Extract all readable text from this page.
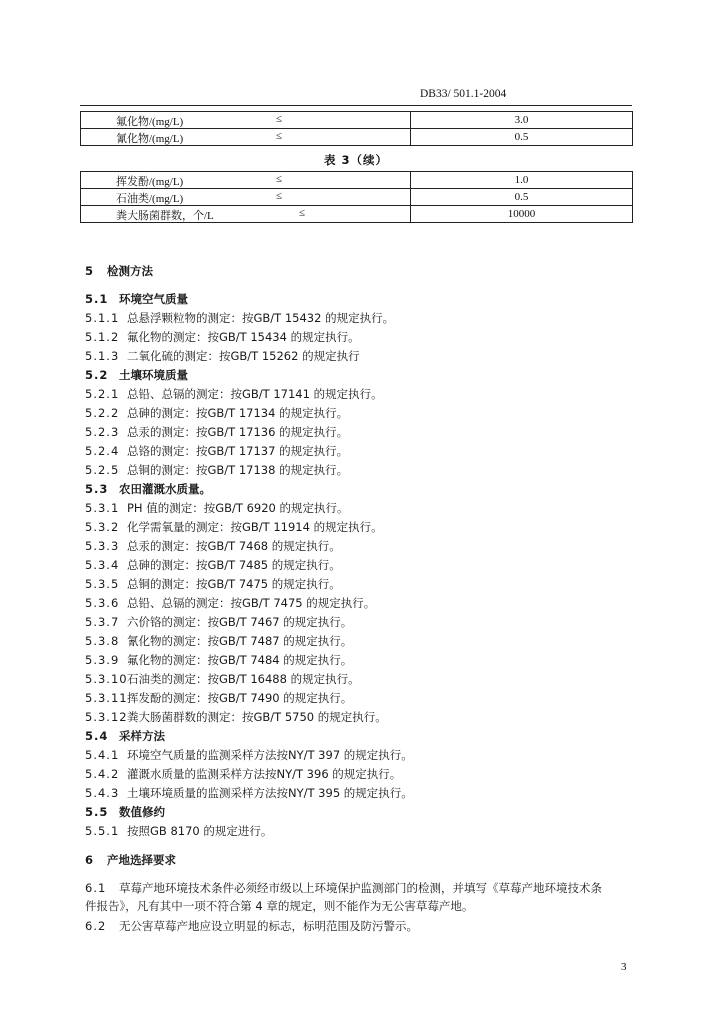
DB33/ 501.1-2004
氟化物/(mg/L) ≤	3.0

氰化物/(mg/L) ≤	0.5
表 3（续）
挥发酚/(mg/L) ≤	1.0

石油类/(mg/L) ≤	0.5

粪大肠菌群数，个/L ≤	10000
5 检测方法
5.1 环境空气质量
5.1.1 总悬浮颗粒物的测定：按GB/T 15432 的规定执行。
5.1.2 氟化物的测定：按GB/T 15434 的规定执行。
5.1.3 二氧化硫的测定：按GB/T 15262 的规定执行
5.2 土壤环境质量
5.2.1 总铅、总镉的测定：按GB/T 17141 的规定执行。
5.2.2 总砷的测定：按GB/T 17134 的规定执行。
5.2.3 总汞的测定：按GB/T 17136 的规定执行。
5.2.4 总铬的测定：按GB/T 17137 的规定执行。
5.2.5 总铜的测定：按GB/T 17138 的规定执行。
5.3 农田灌溉水质量。
5.3.1 PH 值的测定：按GB/T 6920 的规定执行。
5.3.2 化学需氧量的测定：按GB/T 11914 的规定执行。
5.3.3 总汞的测定：按GB/T 7468 的规定执行。
5.3.4 总砷的测定：按GB/T 7485 的规定执行。
5.3.5 总铜的测定：按GB/T 7475 的规定执行。
5.3.6 总铅、总镉的测定：按GB/T 7475 的规定执行。
5.3.7 六价铬的测定：按GB/T 7467 的规定执行。
5.3.8 氰化物的测定：按GB/T 7487 的规定执行。
5.3.9 氟化物的测定：按GB/T 7484 的规定执行。
5.3.10石油类的测定：按GB/T 16488 的规定执行。
5.3.11挥发酚的测定：按GB/T 7490 的规定执行。
5.3.12粪大肠菌群数的测定：按GB/T 5750 的规定执行。
5.4 采样方法
5.4.1 环境空气质量的监测采样方法按NY/T 397 的规定执行。
5.4.2 灌溉水质量的监测采样方法按NY/T 396 的规定执行。
5.4.3 土壤环境质量的监测采样方法按NY/T 395 的规定执行。
5.5 数值修约
5.5.1 按照GB 8170 的规定进行。
6 产地选择要求
6.1 草莓产地环境技术条件必须经市级以上环境保护监测部门的检测，并填写《草莓产地环境技术条
件报告》，凡有其中一项不符合第 4 章的规定，则不能作为无公害草莓产地。
6.2 无公害草莓产地应设立明显的标志，标明范围及防污警示。
3
